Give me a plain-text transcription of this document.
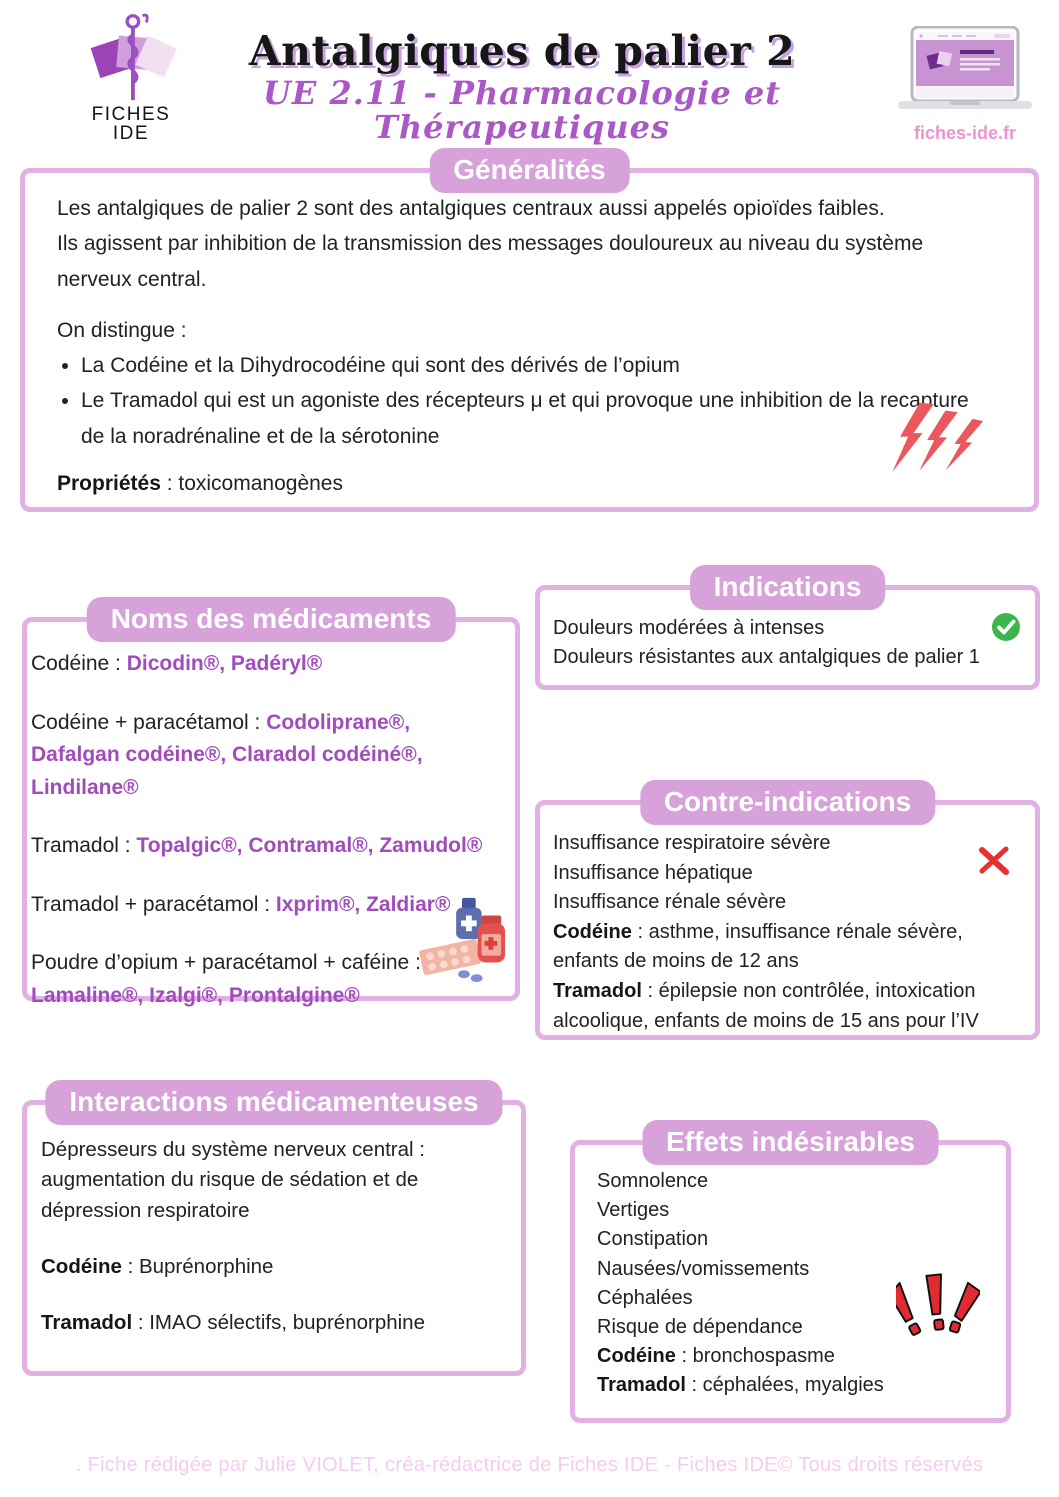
FICHES
IDE
Antalgiques de palier 2
UE 2.11 - Pharmacologie et Thérapeutiques	fiches-ide.fr
Généralités

Les antalgiques de palier 2 sont des antalgiques centraux aussi appelés opioïdes faibles.

Ils agissent par inhibition de la transmission des messages douloureux au niveau du système nerveux central.

On distingue :

• La Codéine et la Dihydrocodéine qui sont des dérivés de l’opium
• Le Tramadol qui est un agoniste des récepteurs μ et qui provoque une inhibition de la recapture de la noradrénaline et de la sérotonine

Propriétés : toxicomanogènes

Noms des médicaments
Codéine : Dicodin®, Padéryl®
Codéine + paracétamol : Codoliprane®, Dafalgan codéine®, Claradol codéiné®, Lindilane®
Tramadol : Topalgic®, Contramal®, Zamudol®
Tramadol + paracétamol : Ixprim®, Zaldiar®
Poudre d’opium + paracétamol + caféine : Lamaline®, Izalgi®, Prontalgine®
Indications
Douleurs modérées à intenses
Douleurs résistantes aux antalgiques de palier 1
Contre-indications
Insuffisance respiratoire sévère
Insuffisance hépatique
Insuffisance rénale sévère

Codéine : asthme, insuffisance rénale sévère, enfants de moins de 12 ans

Tramadol : épilepsie non contrôlée, intoxication alcoolique, enfants de moins de 15 ans pour l’IV

Interactions médicamenteuses

Dépresseurs du système nerveux central : augmentation du risque de sédation et de dépression respiratoire

Codéine : Buprénorphine

Tramadol : IMAO sélectifs, buprénorphine

Effets indésirables
Somnolence
Vertiges
Constipation
Nausées/vomissements
Céphalées
Risque de dépendance

Codéine : bronchospasme

Tramadol : céphalées, myalgies

. Fiche rédigée par Julie VIOLET, créa-rédactrice de Fiches IDE - Fiches IDE© Tous droits réservés
